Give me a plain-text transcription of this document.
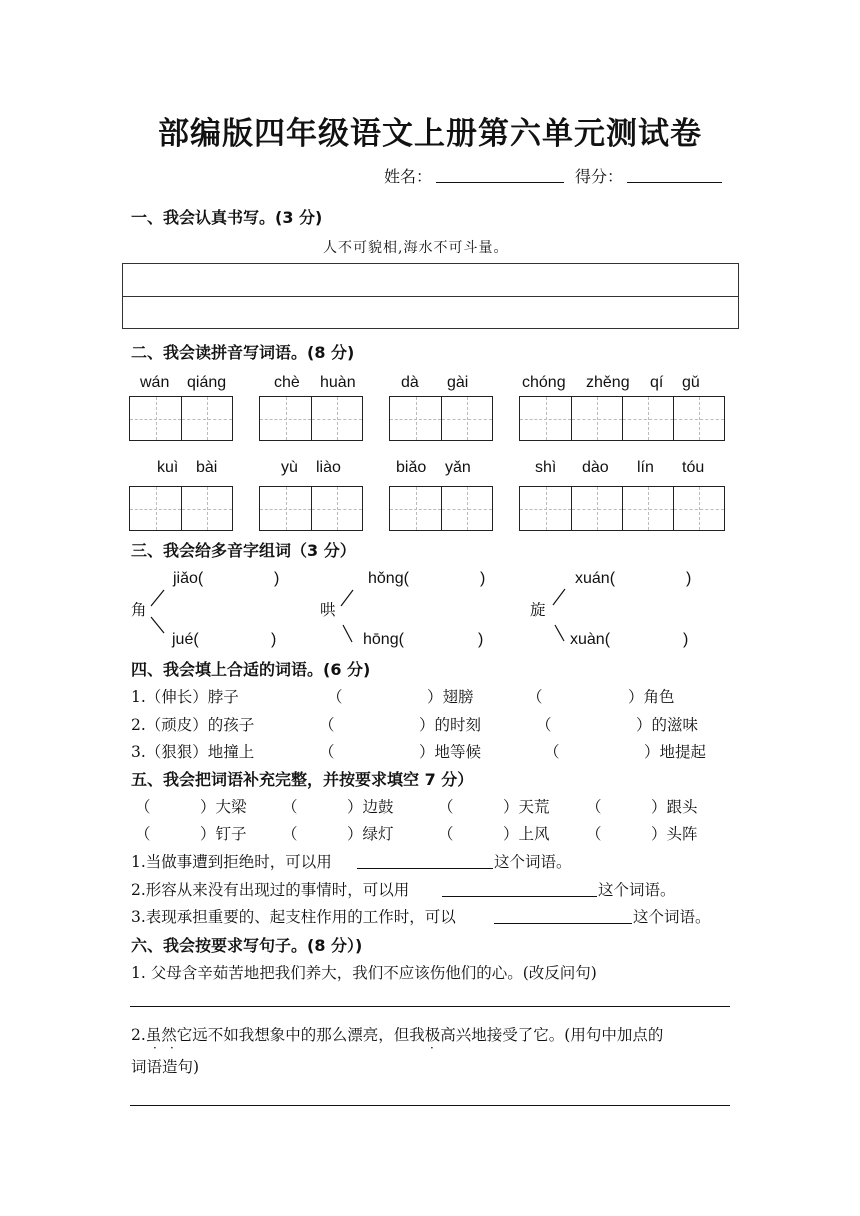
部编版四年级语文上册第六单元测试卷
姓名：	得分：
一、我会认真书写。(3 分)
人不可貌相,海水不可斗量。
二、我会读拼音写词语。(8 分)
wán qiáng	chè huàn	dà gài	chóng zhěng qí gǔ
kuì bài	yù liào	biǎo yǎn	shì dào lín tóu
三、我会给多音字组词（3 分）
jiǎo(	)	hǒng(	)	xuán(	)
角	哄	旋
jué(	)	hōng(	)	xuàn(	)
四、我会填上合适的词语。(6 分)
1.（伸长）脖子	（	）翅膀	（	）角色
2.（顽皮）的孩子	（	）的时刻	（	）的滋味
3.（狠狠）地撞上	（	）地等候	（	）地提起
五、我会把词语补充完整，并按要求填空 7 分）
（	）大梁 （	）边鼓	（	）天荒 （	）跟头
（	）钉子 （	）绿灯	（	）上风 （	）头阵
1.当做事遭到拒绝时，可以用	这个词语。
2.形容从来没有出现过的事情时，可以用	这个词语。
3.表现承担重要的、起支柱作用的工作时，可以	这个词语。
六、我会按要求写句子。(8 分）)
1. 父母含辛茹苦地把我们养大，我们不应该伤他们的心。(改反问句)
2.虽然它远不如我想象中的那么漂亮，但我极高兴地接受了它。(用句中加点的
· ·	·
词语造句)
